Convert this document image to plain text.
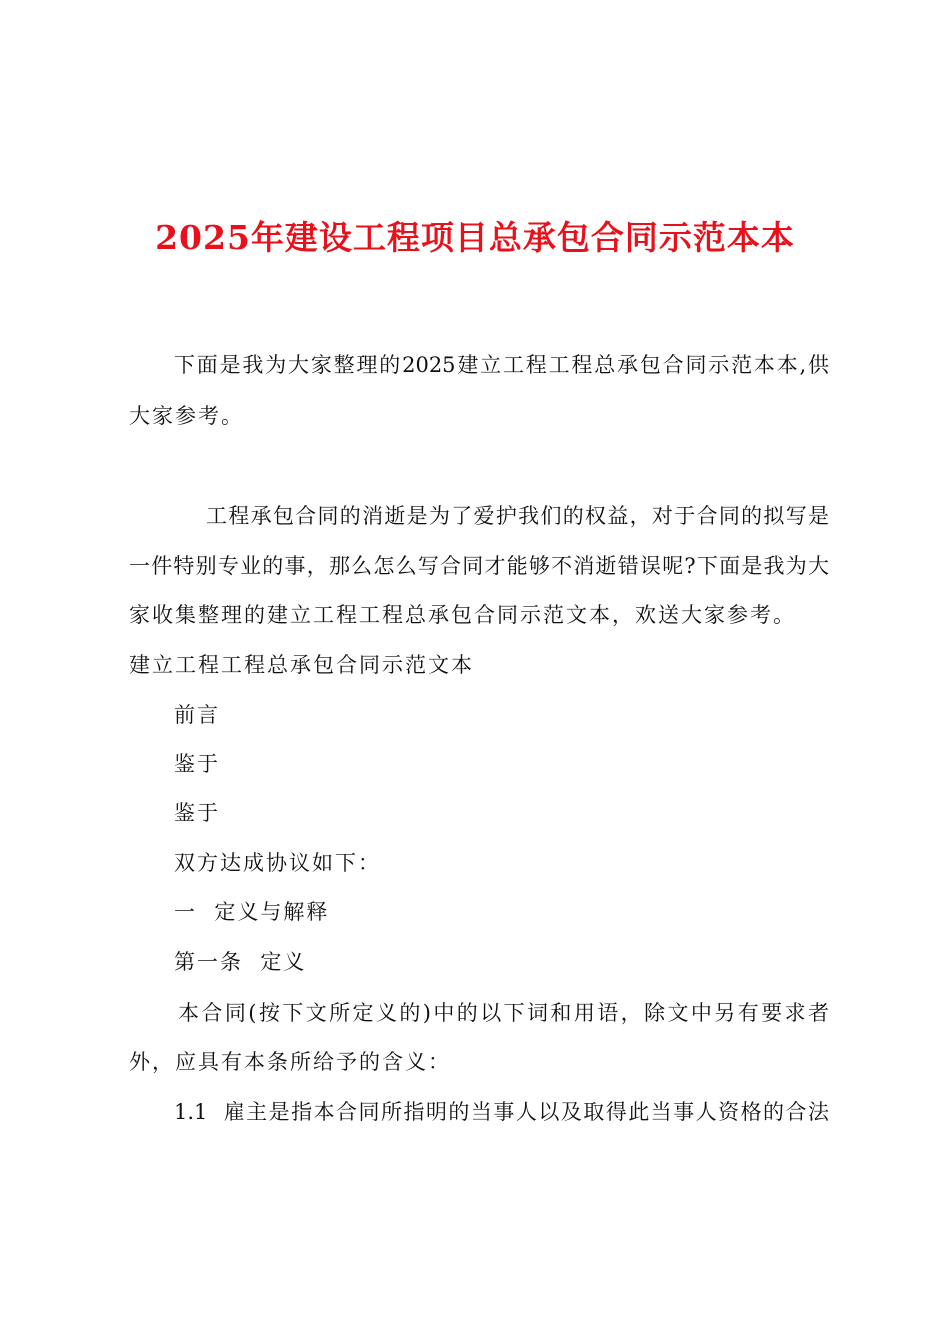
2025年建设工程项目总承包合同示范本本
下面是我为大家整理的2025建立工程工程总承包合同示范本本,供
大家参考。
工程承包合同的消逝是为了爱护我们的权益，对于合同的拟写是
一件特别专业的事，那么怎么写合同才能够不消逝错误呢?下面是我为大
家收集整理的建立工程工程总承包合同示范文本，欢送大家参考。
建立工程工程总承包合同示范文本
前言
鉴于
鉴于
双方达成协议如下：
一  定义与解释
第一条  定义
本合同(按下文所定义的)中的以下词和用语，除文中另有要求者
外，应具有本条所给予的含义：
1.1  雇主是指本合同所指明的当事人以及取得此当事人资格的合法
